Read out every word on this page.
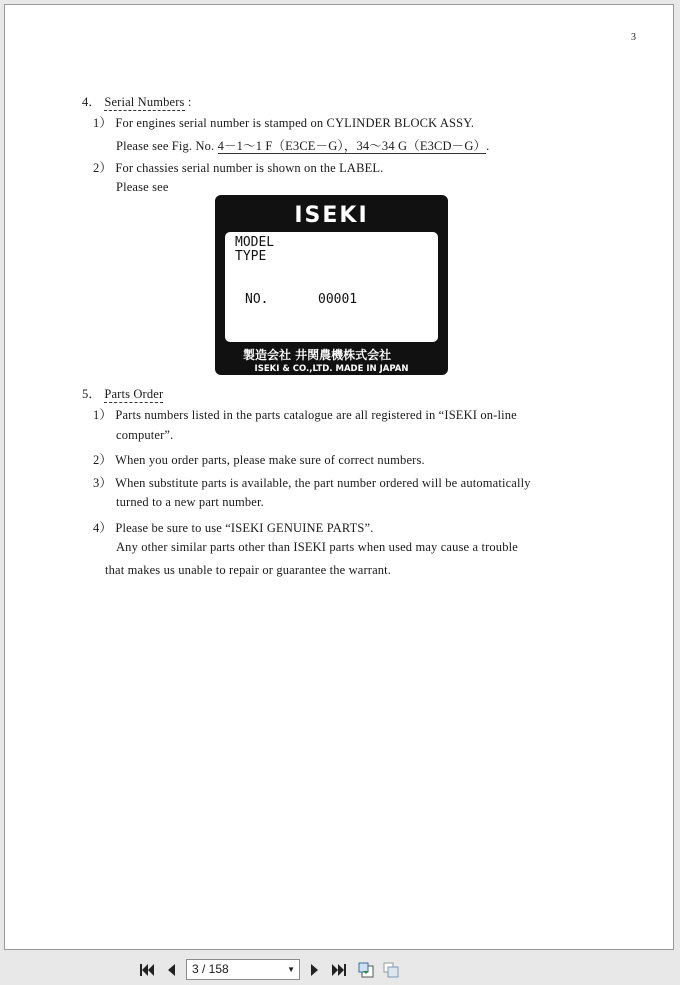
3
4． Serial Numbers :
1） For engines serial number is stamped on CYLINDER BLOCK ASSY.
Please see Fig. No. 4－1～1 F（E3CE－G），34～34 G（E3CD－G）.
2） For chassies serial number is shown on the LABEL.
Please see
ISEKI
MODEL
TYPE
NO.	00001
製造会社 井関農機株式会社
ISEKI & CO.,LTD. MADE IN JAPAN
5． Parts Order
1） Parts numbers listed in the parts catalogue are all registered in “ISEKI on-line
computer”.
2） When you order parts, please make sure of correct numbers.
3） When substitute parts is available, the part number ordered will be automatically
turned to a new part number.
4） Please be sure to use “ISEKI GENUINE PARTS”.
Any other similar parts other than ISEKI parts when used may cause a trouble
that makes us unable to repair or guarantee the warrant.
3 / 158	▼
